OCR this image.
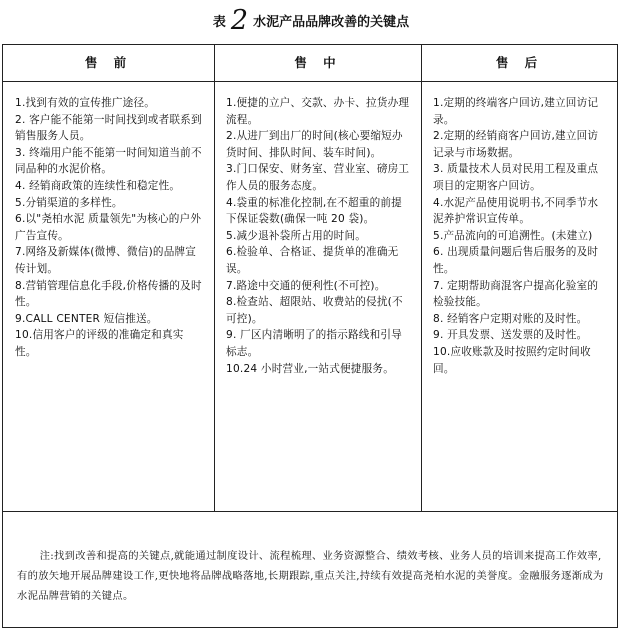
表 2 水泥产品品牌改善的关键点
售 前	售 中	售 后
1.找到有效的宣传推广途径。
2. 客户能不能第一时间找到或者联系到销售服务人员。
3. 终端用户能不能第一时间知道当前不同品种的水泥价格。
4. 经销商政策的连续性和稳定性。
5.分销渠道的多样性。
6.以"尧柏水泥 质量领先"为核心的户外广告宣传。
7.网络及新媒体(微博、微信)的品牌宣传计划。
8.营销管理信息化手段,价格传播的及时性。
9.CALL CENTER 短信推送。
10.信用客户的评级的准确定和真实性。
1.便捷的立户、交款、办卡、拉货办理流程。
2.从进厂到出厂的时间(核心要缩短办货时间、排队时间、装车时间)。
3.门口保安、财务室、营业室、磅房工作人员的服务态度。
4.袋重的标准化控制,在不超重的前提下保证袋数(确保一吨 20 袋)。
5.减少退补袋所占用的时间。
6.检验单、合格证、提货单的准确无误。
7.路途中交通的便利性(不可控)。
8.检查站、超限站、收费站的侵扰(不可控)。
9. 厂区内清晰明了的指示路线和引导标志。
10.24 小时营业,一站式便捷服务。
1.定期的终端客户回访,建立回访记录。
2.定期的经销商客户回访,建立回访记录与市场数据。
3. 质量技术人员对民用工程及重点项目的定期客户回访。
4.水泥产品使用说明书,不同季节水泥养护常识宣传单。
5.产品流向的可追溯性。(未建立)
6. 出现质量问题后售后服务的及时性。
7. 定期帮助商混客户提高化验室的检验技能。
8. 经销客户定期对账的及时性。
9. 开具发票、送发票的及时性。
10.应收账款及时按照约定时间收回。

注:找到改善和提高的关键点,就能通过制度设计、流程梳理、业务资源整合、绩效考核、业务人员的培训来提高工作效率,有的放矢地开展品牌建设工作,更快地将品牌战略落地,长期跟踪,重点关注,持续有效提高尧柏水泥的美誉度。金融服务逐渐成为水泥品牌营销的关键点。
